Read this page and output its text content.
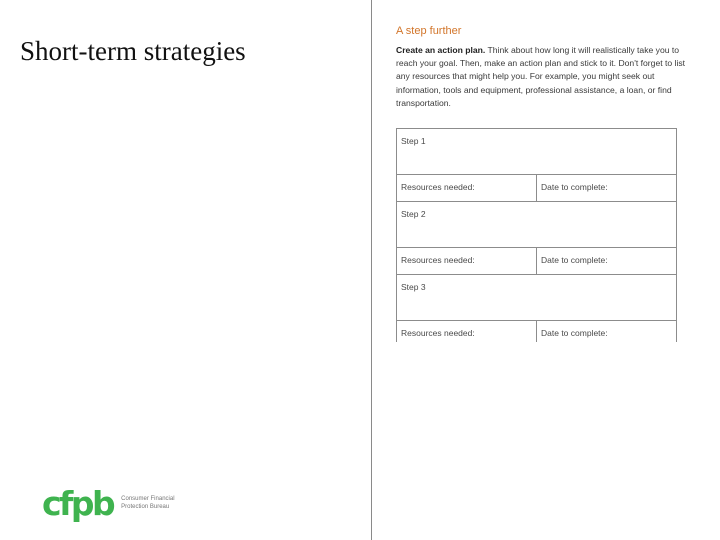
Short-term strategies
A step further
Create an action plan. Think about how long it will realistically take you to reach your goal. Then, make an action plan and stick to it. Don't forget to list any resources that might help you. For example, you might seek out information, tools and equipment, professional assistance, a loan, or find transportation.
Step 1	

Resources needed:	Date to complete:

Step 2	

Resources needed:	Date to complete:

Step 3	

Resources needed:	Date to complete:
cfpb Consumer Financial
Protection Bureau
